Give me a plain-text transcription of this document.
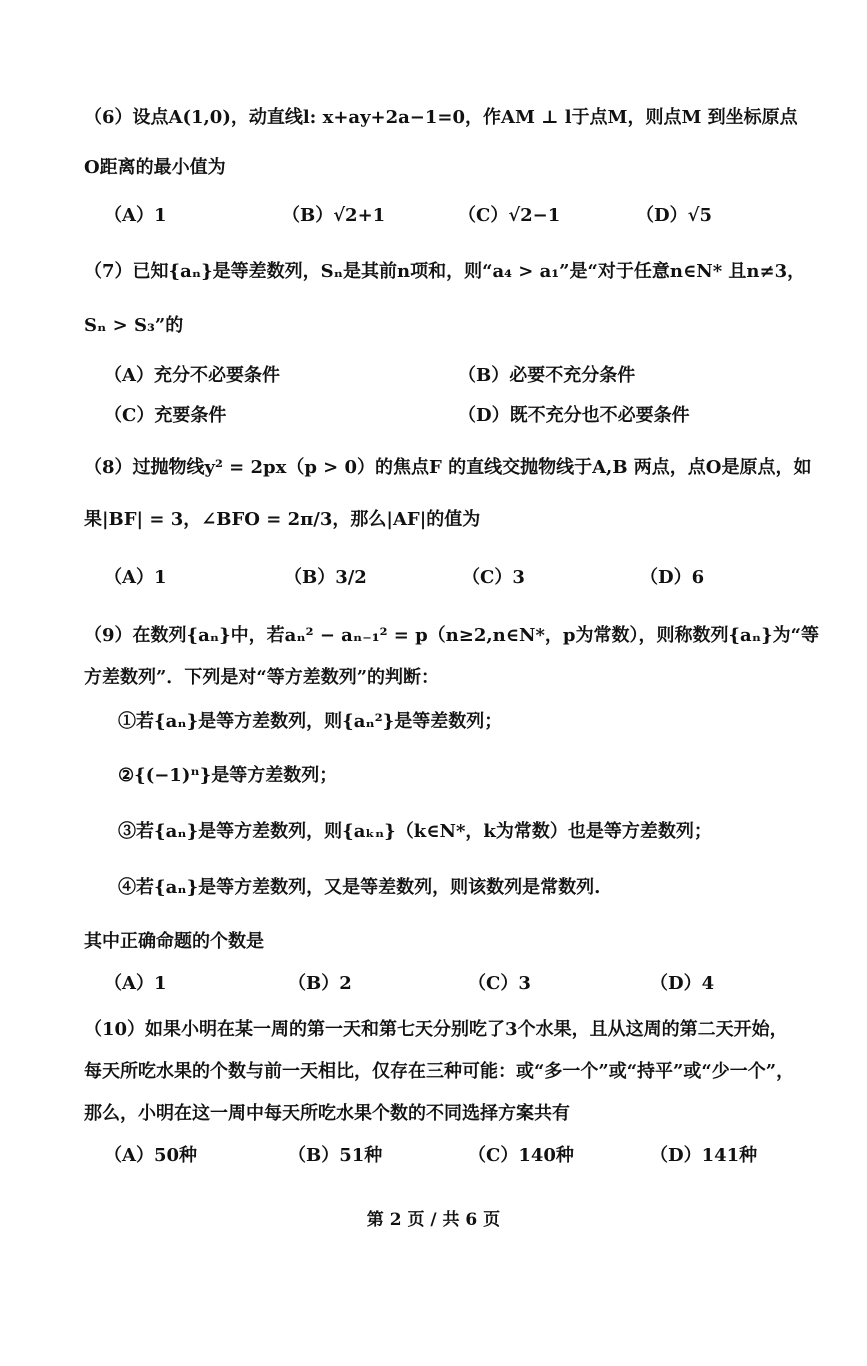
（6）设点A(1,0)，动直线l: x+ay+2a−1=0，作AM ⊥ l于点M，则点M 到坐标原点
O距离的最小值为
（A）1	（B）√2+1	（C）√2−1	（D）√5
（7）已知{aₙ}是等差数列，Sₙ是其前n项和，则“a₄ > a₁”是“对于任意n∈N* 且n≠3，
Sₙ > S₃”的
（A）充分不必要条件	（B）必要不充分条件
（C）充要条件	（D）既不充分也不必要条件
（8）过抛物线y² = 2px（p > 0）的焦点F 的直线交抛物线于A,B 两点，点O是原点，如
果|BF| = 3，∠BFO = 2π/3，那么|AF|的值为
（A）1	（B）3/2	（C）3	（D）6
（9）在数列{aₙ}中，若aₙ² − aₙ₋₁² = p（n≥2,n∈N*，p为常数），则称数列{aₙ}为“等
方差数列”．下列是对“等方差数列”的判断：
①若{aₙ}是等方差数列，则{aₙ²}是等差数列；
②{(−1)ⁿ}是等方差数列；
③若{aₙ}是等方差数列，则{aₖₙ}（k∈N*，k为常数）也是等方差数列；
④若{aₙ}是等方差数列，又是等差数列，则该数列是常数列.
其中正确命题的个数是
（A）1	（B）2	（C）3	（D）4
（10）如果小明在某一周的第一天和第七天分别吃了3个水果，且从这周的第二天开始，
每天所吃水果的个数与前一天相比，仅存在三种可能：或“多一个”或“持平”或“少一个”，
那么，小明在这一周中每天所吃水果个数的不同选择方案共有
（A）50种	（B）51种	（C）140种	（D）141种
第 2 页 / 共 6 页
